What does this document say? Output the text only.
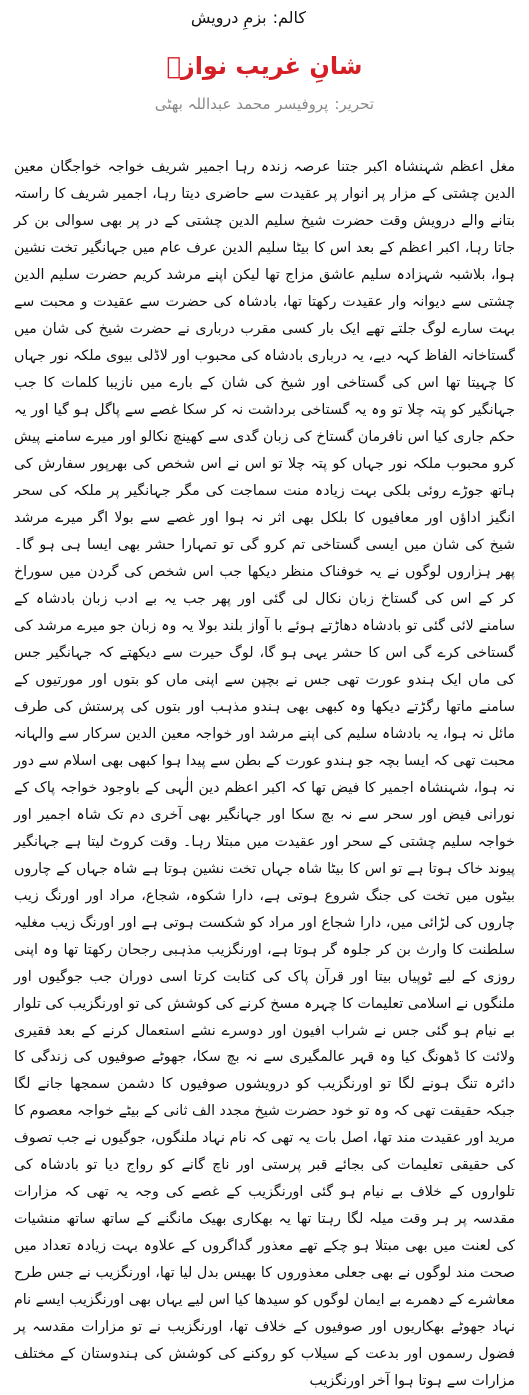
کالم:بزمِ درویش
شانِ غریب نوازؒ
تحریر:پروفیسر محمد عبداللہ بھٹی

مغل اعظم شہنشاہ اکبر جتنا عرصہ زندہ رہا اجمیر شریف خواجہ خواجگان معین الدین چشتی کے مزار پر انوار پر عقیدت سے حاضری دیتا رہا، اجمیر شریف کا راستہ بتانے والے درویش وقت حضرت شیخ سلیم الدین چشتی کے در پر بھی سوالی بن کر جاتا رہا، اکبر اعظم کے بعد اس کا بیٹا سلیم الدین عرف عام میں جہانگیر تخت نشین ہوا، بلاشبہ شہزادہ سلیم عاشق مزاج تھا لیکن اپنے مرشد کریم حضرت سلیم الدین چشتی سے دیوانہ وار عقیدت رکھتا تھا، بادشاہ کی حضرت سے عقیدت و محبت سے بہت سارے لوگ جلتے تھے ایک بار کسی مقرب درباری نے حضرت شیخ کی شان میں گستاخانہ الفاظ کہہ دیے، یہ درباری بادشاہ کی محبوب اور لاڈلی بیوی ملکہ نور جہاں کا چہیتا تھا اس کی گستاخی اور شیخ کی شان کے بارے میں نازیبا کلمات کا جب جہانگیر کو پتہ چلا تو وہ یہ گستاخی برداشت نہ کر سکا غصے سے پاگل ہو گیا اور یہ حکم جاری کیا اس نافرمان گستاخ کی زبان گدی سے کھینچ نکالو اور میرے سامنے پیش کرو محبوب ملکہ نور جہاں کو پتہ چلا تو اس نے اس شخص کی بھرپور سفارش کی ہاتھ جوڑے روئی بلکی بہت زیادہ منت سماجت کی مگر جہانگیر پر ملکہ کی سحر انگیز اداؤں اور معافیوں کا بلکل بھی اثر نہ ہوا اور غصے سے بولا اگر میرے مرشد شیخ کی شان میں ایسی گستاخی تم کرو گی تو تمہارا حشر بھی ایسا ہی ہو گا۔ پھر ہزاروں لوگوں نے یہ خوفناک منظر دیکھا جب اس شخص کی گردن میں سوراخ کر کے اس کی گستاخ زبان نکال لی گئی اور پھر جب یہ بے ادب زبان بادشاہ کے سامنے لائی گئی تو بادشاہ دھاڑتے ہوئے با آواز بلند بولا یہ وہ زبان جو میرے مرشد کی گستاخی کرے گی اس کا حشر یہی ہو گا، لوگ حیرت سے دیکھتے کہ جہانگیر جس کی ماں ایک ہندو عورت تھی جس نے بچپن سے اپنی ماں کو بتوں اور مورتیوں کے سامنے ماتھا رگڑتے دیکھا وہ کبھی بھی ہندو مذہب اور بتوں کی پرستش کی طرف مائل نہ ہوا، یہ بادشاہ سلیم کی اپنے مرشد اور خواجہ معین الدین سرکار سے والہانہ محبت تھی کہ ایسا بچہ جو ہندو عورت کے بطن سے پیدا ہوا کبھی بھی اسلام سے دور نہ ہوا، شہنشاہ اجمیر کا فیض تھا کہ اکبر اعظم دین الٰہی کے باوجود خواجہ پاک کے نورانی فیض اور سحر سے نہ بچ سکا اور جہانگیر بھی آخری دم تک شاہ اجمیر اور خواجہ سلیم چشتی کے سحر اور عقیدت میں مبتلا رہا۔ وقت کروٹ لیتا ہے جہانگیر پیوند خاک ہوتا ہے تو اس کا بیٹا شاہ جہاں تخت نشین ہوتا ہے شاہ جہاں کے چاروں بیٹوں میں تخت کی جنگ شروع ہوتی ہے، دارا شکوہ، شجاع، مراد اور اورنگ زیب چاروں کی لڑائی میں، دارا شجاع اور مراد کو شکست ہوتی ہے اور اورنگ زیب مغلیہ سلطنت کا وارث بن کر جلوہ گر ہوتا ہے، اورنگزیب مذہبی رجحان رکھتا تھا وہ اپنی روزی کے لیے ٹوپیاں بیتا اور قرآن پاک کی کتابت کرتا اسی دوران جب جوگیوں اور ملنگوں نے اسلامی تعلیمات کا چہرہ مسخ کرنے کی کوشش کی تو اورنگزیب کی تلوار بے نیام ہو گئی جس نے شراب افیون اور دوسرے نشے استعمال کرنے کے بعد فقیری ولائت کا ڈھونگ کیا وہ قہر عالمگیری سے نہ بچ سکا، جھوٹے صوفیوں کی زندگی کا دائرہ تنگ ہونے لگا تو اورنگزیب کو درویشوں صوفیوں کا دشمن سمجھا جانے لگا جبکہ حقیقت تھی کہ وہ تو خود حضرت شیخ مجدد الف ثانی کے بیٹے خواجہ معصوم کا مرید اور عقیدت مند تھا، اصل بات یہ تھی کہ نام نہاد ملنگوں، جوگیوں نے جب تصوف کی حقیقی تعلیمات کی بجائے قبر پرستی اور ناچ گانے کو رواج دیا تو بادشاہ کی تلواروں کے خلاف بے نیام ہو گئی اورنگزیب کے غصے کی وجہ یہ تھی کہ مزارات مقدسہ پر ہر وقت میلہ لگا رہتا تھا یہ بھکاری بھیک مانگنے کے ساتھ ساتھ منشیات کی لعنت میں بھی مبتلا ہو چکے تھے معذور گداگروں کے علاوہ بہت زیادہ تعداد میں صحت مند لوگوں نے بھی جعلی معذوروں کا بھیس بدل لیا تھا، اورنگزیب نے جس طرح معاشرے کے دھمرے بے ایمان لوگوں کو سیدھا کیا اس لیے یہاں بھی اورنگزیب ایسے نام نہاد جھوٹے بھکاریوں اور صوفیوں کے خلاف تھا، اورنگزیب نے تو مزارات مقدسہ پر فضول رسموں اور بدعت کے سیلاب کو روکنے کی کوشش کی ہندوستان کے مختلف مزارات سے ہوتا ہوا آخر اورنگزیب
